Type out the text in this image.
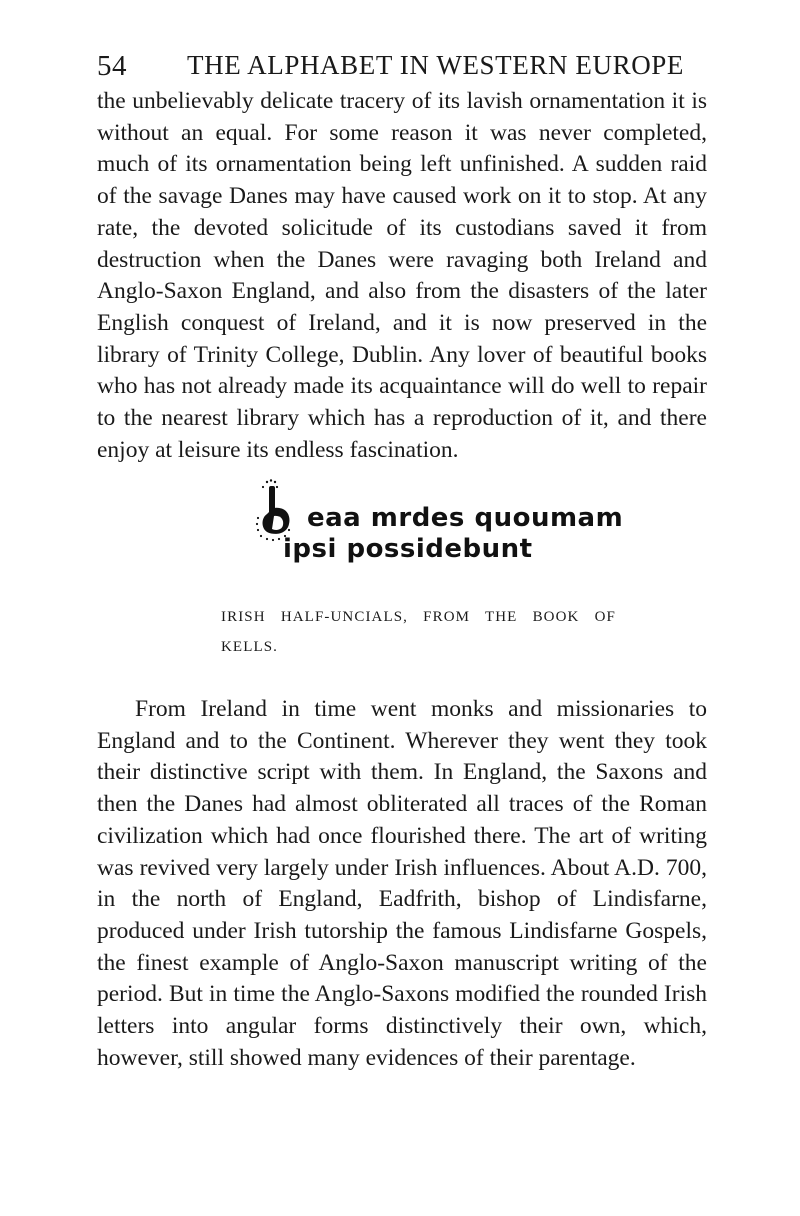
54 THE ALPHABET IN WESTERN EUROPE

the unbelievably delicate tracery of its lavish ornamentation it is without an equal. For some reason it was never completed, much of its ornamentation being left unfinished. A sudden raid of the savage Danes may have caused work on it to stop. At any rate, the devoted solicitude of its custodians saved it from destruction when the Danes were ravaging both Ireland and Anglo-Saxon England, and also from the disasters of the later English conquest of Ireland, and it is now preserved in the library of Trinity College, Dublin. Any lover of beautiful books who has not already made its acquaintance will do well to repair to the nearest library which has a reproduction of it, and there enjoy at leisure its endless fascination.

eaa mrdes quoumam
ipsi possidebunt

IRISH HALF-UNCIALS, FROM THE BOOK OF KELLS.

From Ireland in time went monks and missionaries to England and to the Continent. Wherever they went they took their distinctive script with them. In England, the Saxons and then the Danes had almost obliterated all traces of the Roman civilization which had once flourished there. The art of writing was revived very largely under Irish influences. About A.D. 700, in the north of England, Eadfrith, bishop of Lindisfarne, produced under Irish tutorship the famous Lindisfarne Gospels, the finest example of Anglo-Saxon manuscript writing of the period. But in time the Anglo-Saxons modified the rounded Irish letters into angular forms distinctively their own, which, however, still showed many evidences of their parentage.
